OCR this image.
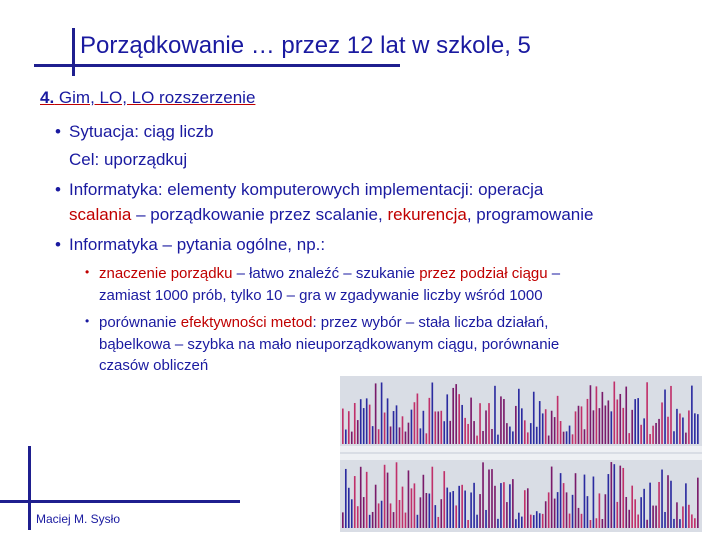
Porządkowanie … przez 12 lat w szkole, 5
4. Gim, LO, LO rozszerzenie
• Sytuacja: ciąg liczb
Cel: uporządkuj
• Informatyka: elementy komputerowych implementacji: operacja
scalania – porządkowanie przez scalanie, rekurencja, programowanie
• Informatyka – pytania ogólne, np.:
• znaczenie porządku – łatwo znaleźć – szukanie przez podział ciągu –
zamiast 1000 prób, tylko 10 – gra w zgadywanie liczby wśród 1000
• porównanie efektywności metod: przez wybór – stała liczba działań,
bąbelkowa – szybka na mało nieuporządkowanym ciągu, porównanie
czasów obliczeń
Maciej M. Sysło
